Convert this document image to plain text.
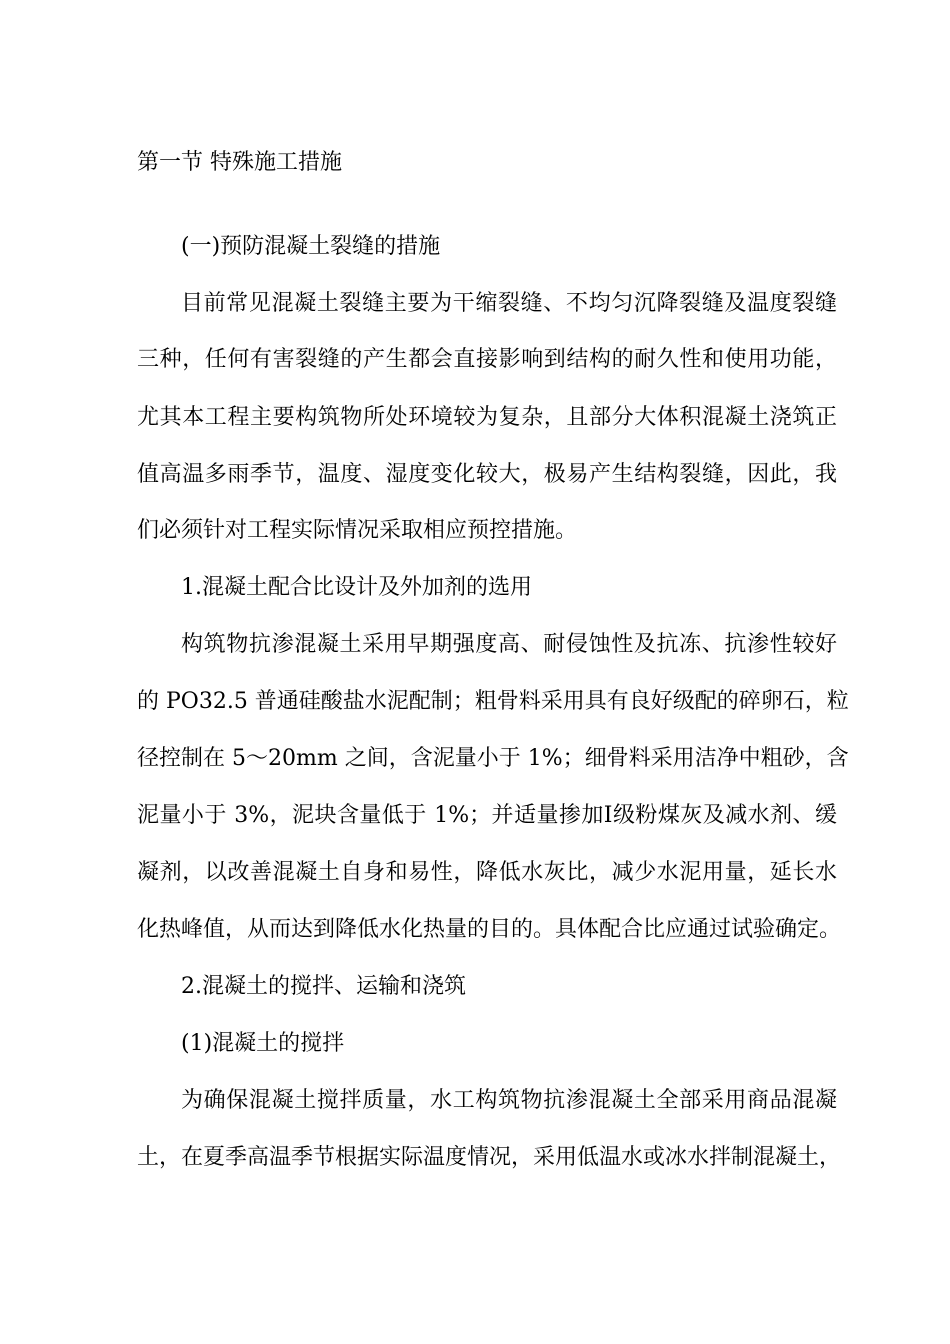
第一节 特殊施工措施
(一)预防混凝土裂缝的措施
目前常见混凝土裂缝主要为干缩裂缝、不均匀沉降裂缝及温度裂缝
三种，任何有害裂缝的产生都会直接影响到结构的耐久性和使用功能，
尤其本工程主要构筑物所处环境较为复杂，且部分大体积混凝土浇筑正
值高温多雨季节，温度、湿度变化较大，极易产生结构裂缝，因此，我
们必须针对工程实际情况采取相应预控措施。
1.混凝土配合比设计及外加剂的选用
构筑物抗渗混凝土采用早期强度高、耐侵蚀性及抗冻、抗渗性较好
的 PO32.5 普通硅酸盐水泥配制；粗骨料采用具有良好级配的碎卵石，粒
径控制在 5～20mm 之间，含泥量小于 1%；细骨料采用洁净中粗砂，含
泥量小于 3%，泥块含量低于 1%；并适量掺加Ⅰ级粉煤灰及减水剂、缓
凝剂，以改善混凝土自身和易性，降低水灰比，减少水泥用量，延长水
化热峰值，从而达到降低水化热量的目的。具体配合比应通过试验确定。
2.混凝土的搅拌、运输和浇筑
(1)混凝土的搅拌
为确保混凝土搅拌质量，水工构筑物抗渗混凝土全部采用商品混凝
土，在夏季高温季节根据实际温度情况，采用低温水或冰水拌制混凝土，
